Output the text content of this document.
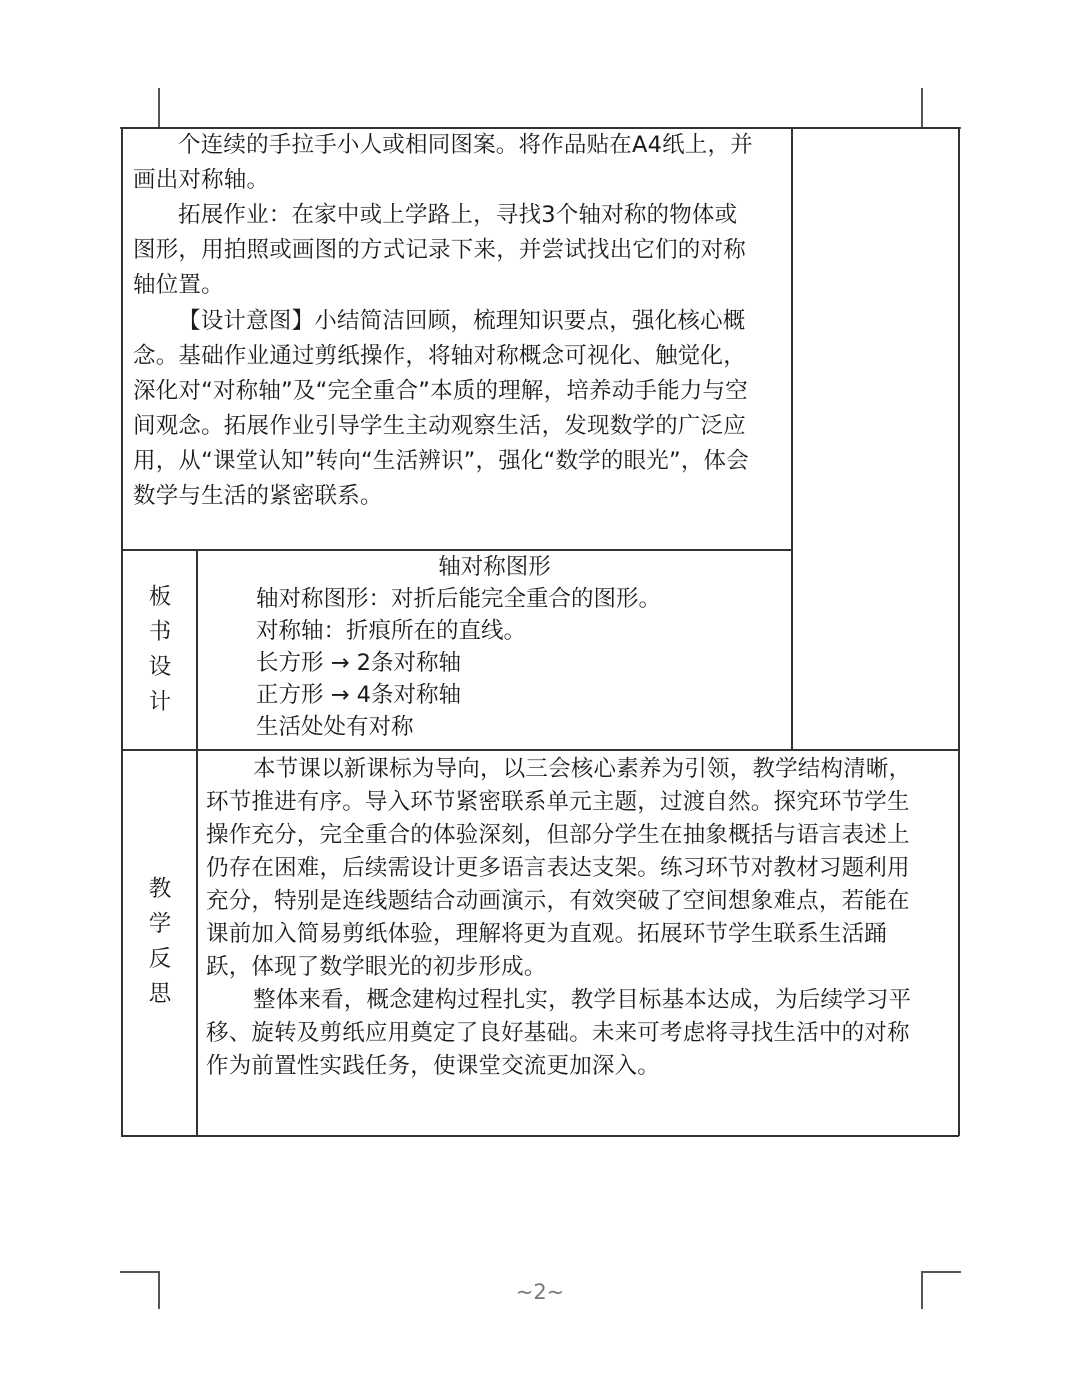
个连续的手拉手小人或相同图案。将作品贴在A4纸上，并
画出对称轴。
拓展作业：在家中或上学路上，寻找3个轴对称的物体或
图形，用拍照或画图的方式记录下来，并尝试找出它们的对称
轴位置。
【设计意图】小结简洁回顾，梳理知识要点，强化核心概
念。基础作业通过剪纸操作，将轴对称概念可视化、触觉化，
深化对“对称轴”及“完全重合”本质的理解，培养动手能力与空
间观念。拓展作业引导学生主动观察生活，发现数学的广泛应
用，从“课堂认知”转向“生活辨识”，强化“数学的眼光”，体会
数学与生活的紧密联系。
板
书
设
计
轴对称图形
轴对称图形：对折后能完全重合的图形。
对称轴：折痕所在的直线。
长方形 → 2条对称轴
正方形 → 4条对称轴
生活处处有对称
教
学
反
思
本节课以新课标为导向，以三会核心素养为引领，教学结构清晰，
环节推进有序。导入环节紧密联系单元主题，过渡自然。探究环节学生
操作充分，完全重合的体验深刻，但部分学生在抽象概括与语言表述上
仍存在困难，后续需设计更多语言表达支架。练习环节对教材习题利用
充分，特别是连线题结合动画演示，有效突破了空间想象难点，若能在
课前加入简易剪纸体验，理解将更为直观。拓展环节学生联系生活踊
跃，体现了数学眼光的初步形成。
整体来看，概念建构过程扎实，教学目标基本达成，为后续学习平
移、旋转及剪纸应用奠定了良好基础。未来可考虑将寻找生活中的对称
作为前置性实践任务，使课堂交流更加深入。
~2~
